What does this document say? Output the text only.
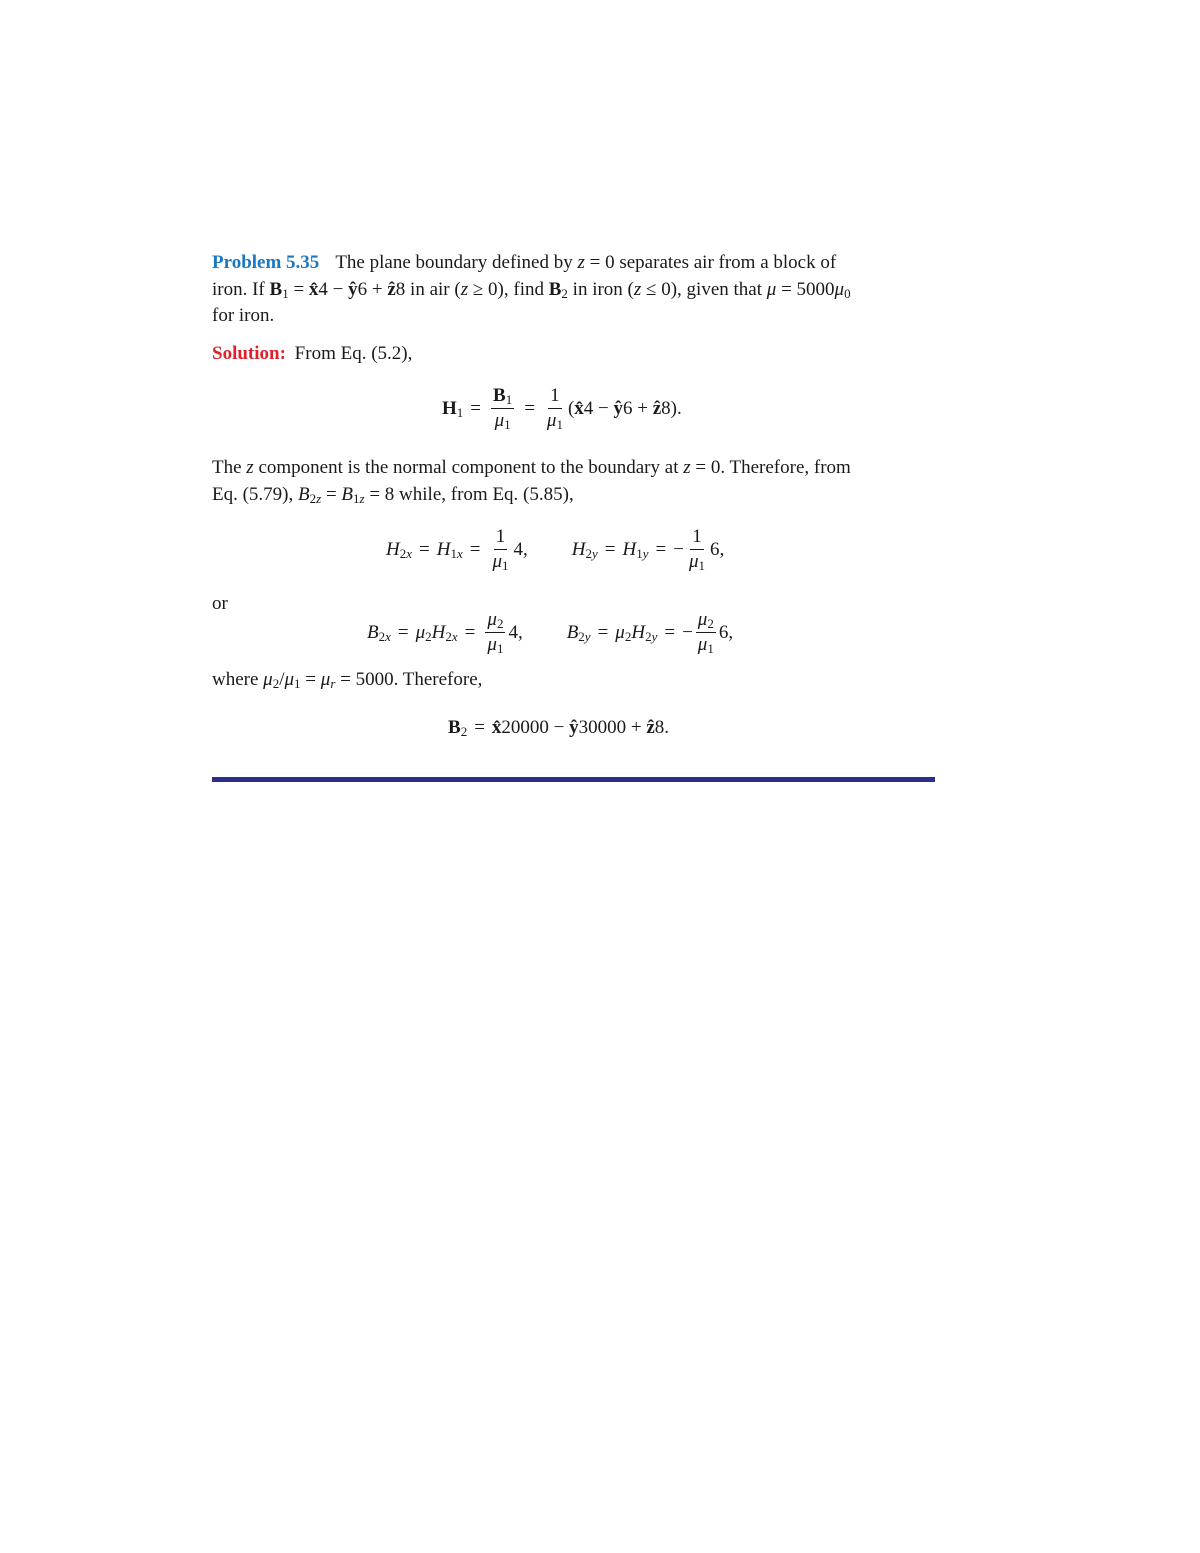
Problem 5.35 The plane boundary defined by z = 0 separates air from a block of
iron. If $B_1$ = x̂4 − ŷ6 + ẑ8 in air (z ≥ 0), find $B_2$ in iron (z ≤ 0), given that $\mu = 5000\mu_0$
for iron.
Solution: From Eq. (5.2),
$H_1 = \frac{B_1}{\mu_1} = \frac{1}{\mu_1}$ (x̂4 − ŷ6 + ẑ8).
The z component is the normal component to the boundary at z = 0. Therefore, from
Eq. (5.79), $B_{2z} = B_{1z} = 8$ while, from Eq. (5.85),
$H_{2x} = H_{1x} = \frac{1}{\mu_1} 4$, $H_{2y} = H_{1y}$ = − $\frac{1}{\mu_1} 6$,
or
$B_{2x} = \mu_2H_{2x} = \frac{\mu_2}{\mu_1} 4$, $B_{2y} = \mu_2H_{2y}$ = − $\frac{\mu_2}{\mu_1} 6$,
where $\mu_2/\mu_1 = \mu_r = 5000$. Therefore,
$B_2$ = x̂20000 − ŷ30000 + ẑ8.
